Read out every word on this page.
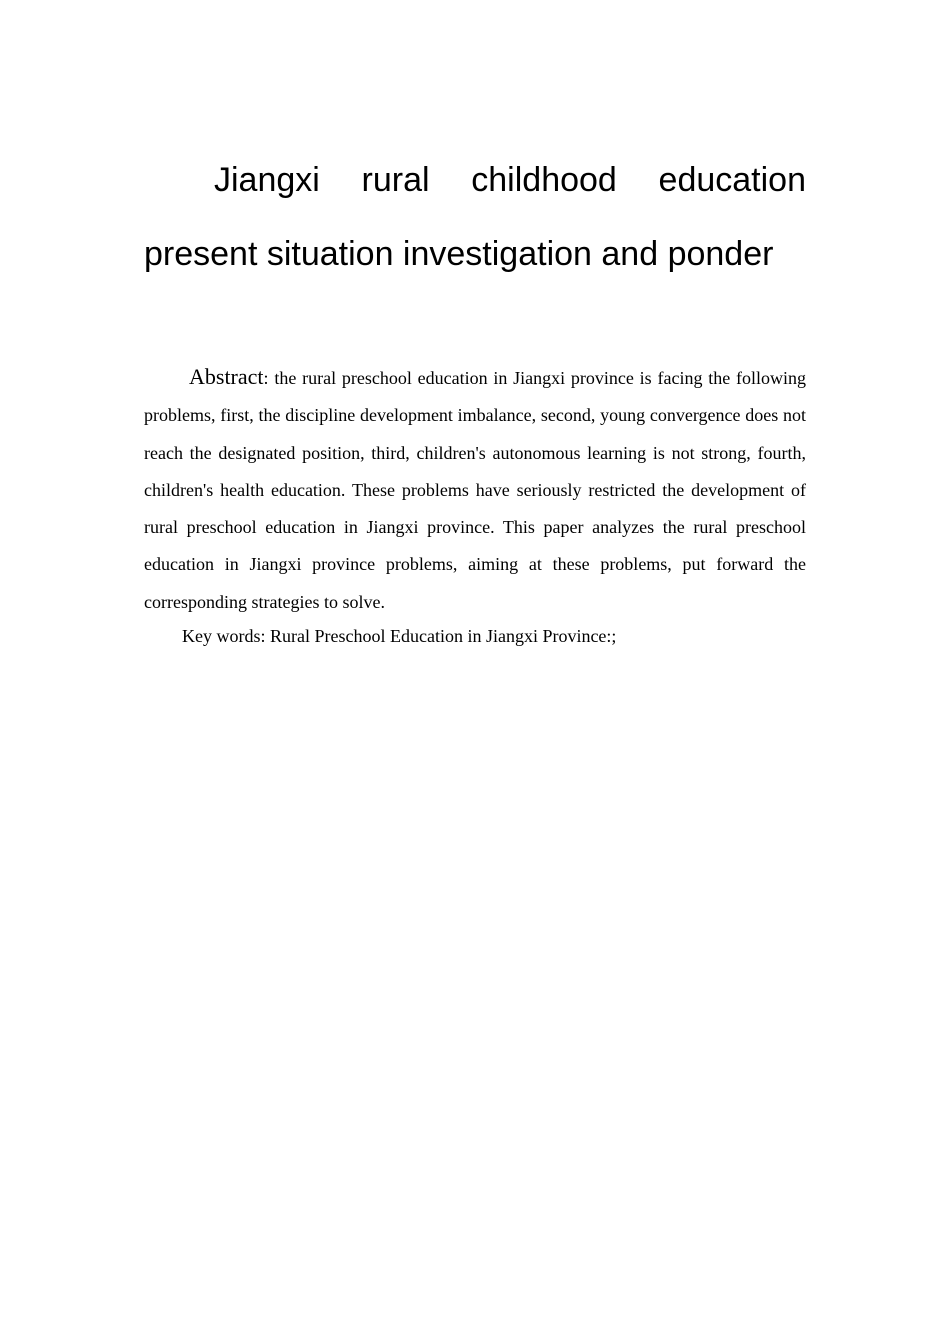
Jiangxi rural childhood education present situation investigation and ponder

Abstract: the rural preschool education in Jiangxi province is facing the following problems, first, the discipline development imbalance, second, young convergence does not reach the designated position, third, children's autonomous learning is not strong, fourth, children's health education. These problems have seriously restricted the development of rural preschool education in Jiangxi province. This paper analyzes the rural preschool education in Jiangxi province problems, aiming at these problems, put forward the corresponding strategies to solve.

Key words: Rural Preschool Education in Jiangxi Province:;
